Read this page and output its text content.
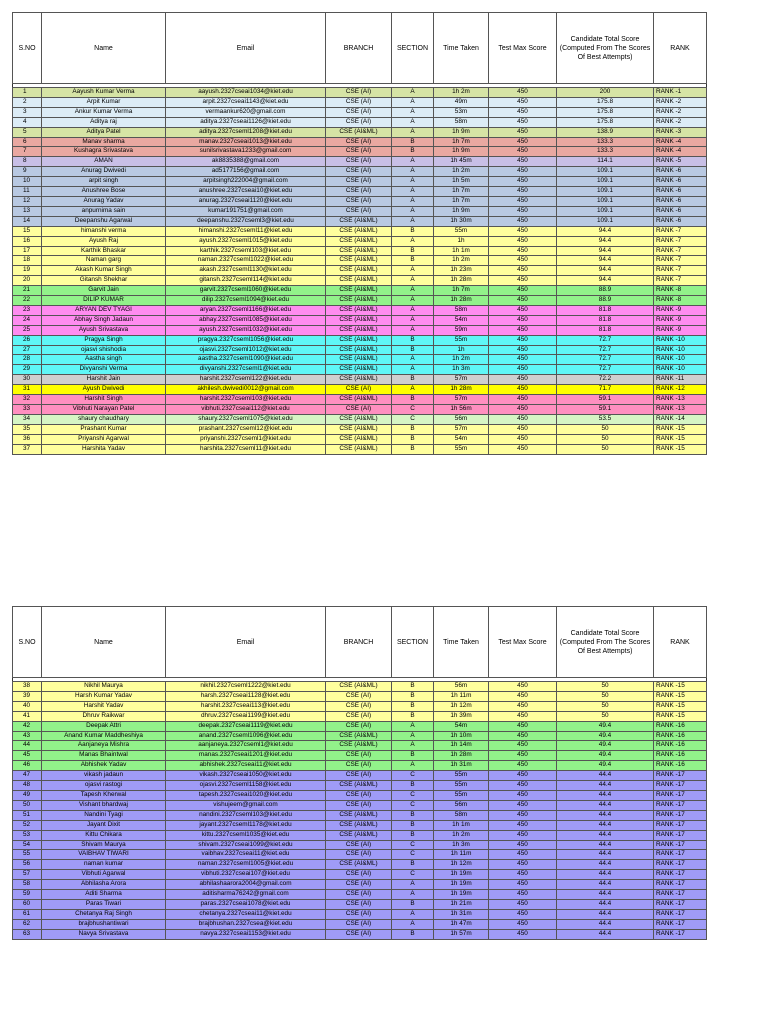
S.NO	Name	Email	BRANCH	SECTION	Time Taken	Test Max Score	Candidate Total Score (Computed From The Scores Of Best Attempts)	RANK

1	Aayush Kumar Verma	aayush.2327cseai1034@kiet.edu	CSE (AI)	A	1h 2m	450	200	RANK -1
2	Arpit Kumar	arpit.2327cseai1143@kiet.edu	CSE (AI)	A	49m	450	175.8	RANK -2
3	Ankur Kumar Verma	vermaankur620@gmail.com	CSE (AI)	A	53m	450	175.8	RANK -2
4	Aditya raj	aditya.2327cseai1126@kiet.edu	CSE (AI)	A	58m	450	175.8	RANK -2
5	Aditya Patel	aditya.2327cseml1208@kiet.edu	CSE (AI&ML)	A	1h 9m	450	138.9	RANK -3
6	Manav sharma	manav.2327cseai1013@kiet.edu	CSE (AI)	B	1h 7m	450	133.3	RANK -4
7	Kushagra Srivastava	sunilsrivastava1233@gmail.com	CSE (AI)	B	1h 9m	450	133.3	RANK -4
8	AMAN	ak8835388@gmail.com	CSE (AI)	A	1h 45m	450	114.1	RANK -5
9	Anurag Dwivedi	ad5177156@gmail.com	CSE (AI)	A	1h 2m	450	109.1	RANK -6
10	arpit singh	arpitsingh222004@gmail.com	CSE (AI)	A	1h 5m	450	109.1	RANK -6
11	Anushree Bose	anushree.2327cseai10@kiet.edu	CSE (AI)	A	1h 7m	450	109.1	RANK -6
12	Anurag Yadav	anurag.2327cseai1120@kiet.edu	CSE (AI)	A	1h 7m	450	109.1	RANK -6
13	anpurnima sain	kumar191751@gmail.com	CSE (AI)	A	1h 9m	450	109.1	RANK -6
14	Deepanshu Agarwal	deepanshu.2327cseml3@kiet.edu	CSE (AI&ML)	A	1h 30m	450	109.1	RANK -6
15	himanshi verma	himanshi.2327cseml11@kiet.edu	CSE (AI&ML)	B	55m	450	94.4	RANK -7
16	Ayush Raj	ayush.2327cseml1015@kiet.edu	CSE (AI&ML)	A	1h	450	94.4	RANK -7
17	Karthik Bhaskar	karthik.2327cseml103@kiet.edu	CSE (AI&ML)	B	1h 1m	450	94.4	RANK -7
18	Naman garg	naman.2327cseml1022@kiet.edu	CSE (AI&ML)	B	1h 2m	450	94.4	RANK -7
19	Akash Kumar Singh	akash.2327cseml1130@kiet.edu	CSE (AI&ML)	A	1h 23m	450	94.4	RANK -7
20	Gitansh Shekhar	gitansh.2327cseml114@kiet.edu	CSE (AI&ML)	A	1h 28m	450	94.4	RANK -7
21	Garvit Jain	garvit.2327cseml1060@kiet.edu	CSE (AI&ML)	A	1h 7m	450	88.9	RANK -8
22	DILIP KUMAR	dilip.2327cseml1094@kiet.edu	CSE (AI&ML)	A	1h 28m	450	88.9	RANK -8
23	ARYAN DEV TYAGI	aryan.2327cseml1166@kiet.edu	CSE (AI&ML)	A	58m	450	81.8	RANK -9
24	Abhay Singh Jadaun	abhay.2327cseml1085@kiet.edu	CSE (AI&ML)	A	54m	450	81.8	RANK -9
25	Ayush Srivastava	ayush.2327cseml1032@kiet.edu	CSE (AI&ML)	A	59m	450	81.8	RANK -9
26	Pragya Singh	pragya.2327cseml1056@kiet.edu	CSE (AI&ML)	B	55m	450	72.7	RANK -10
27	ojasvi shishodia	ojasvi.2327cseml1012@kiet.edu	CSE (AI&ML)	B	1h	450	72.7	RANK -10
28	Aastha singh	aastha.2327cseml1090@kiet.edu	CSE (AI&ML)	A	1h 2m	450	72.7	RANK -10
29	Divyanshi Verma	divyanshi.2327cseml1@kiet.edu	CSE (AI&ML)	A	1h 3m	450	72.7	RANK -10
30	Harshit Jain	harshit.2327cseml122@kiet.edu	CSE (AI&ML)	B	57m	450	72.2	RANK -11
31	Ayush Dwivedi	akhilesh.dwivedi0012@gmail.com	CSE (AI)	A	1h 28m	450	71.7	RANK -12
32	Harshit Singh	harshit.2327cseml103@kiet.edu	CSE (AI&ML)	B	57m	450	59.1	RANK -13
33	Vibhuti Narayan Patel	vibhuti.2327cseai112@kiet.edu	CSE (AI)	C	1h 56m	450	59.1	RANK -13
34	shaury chaudhary	shaury.2327cseml1075@kiet.edu	CSE (AI&ML)	C	56m	450	53.5	RANK -14
35	Prashant Kumar	prashant.2327cseml12@kiet.edu	CSE (AI&ML)	B	57m	450	50	RANK -15
36	Priyanshi Agarwal	priyanshi.2327cseml1@kiet.edu	CSE (AI&ML)	B	54m	450	50	RANK -15
37	Harshita Yadav	harshita.2327cseml11@kiet.edu	CSE (AI&ML)	B	55m	450	50	RANK -15
S.NO	Name	Email	BRANCH	SECTION	Time Taken	Test Max Score	Candidate Total Score (Computed From The Scores Of Best Attempts)	RANK

38	Nikhil Maurya	nikhil.2327cseml1222@kiet.edu	CSE (AI&ML)	B	56m	450	50	RANK -15
39	Harsh Kumar Yadav	harsh.2327cseai1128@kiet.edu	CSE (AI)	B	1h 11m	450	50	RANK -15
40	Harshit Yadav	harshit.2327cseai113@kiet.edu	CSE (AI)	B	1h 12m	450	50	RANK -15
41	Dhruv Raikwar	dhruv.2327cseai1199@kiet.edu	CSE (AI)	B	1h 39m	450	50	RANK -15
42	Deepak Attri	deepak.2327cseai1119@kiet.edu	CSE (AI)	A	54m	450	49.4	RANK -16
43	Anand Kumar Maddheshiya	anand.2327cseml1096@kiet.edu	CSE (AI&ML)	A	1h 10m	450	49.4	RANK -16
44	Aanjaneya Mishra	aanjaneya.2327cseml1@kiet.edu	CSE (AI&ML)	A	1h 14m	450	49.4	RANK -16
45	Manas Bhaintwal	manas.2327cseai1201@kiet.edu	CSE (AI)	B	1h 28m	450	49.4	RANK -16
46	Abhishek Yadav	abhishek.2327cseai11@kiet.edu	CSE (AI)	A	1h 31m	450	49.4	RANK -16
47	vikash jadaun	vikash.2327cseai1050@kiet.edu	CSE (AI)	C	55m	450	44.4	RANK -17
48	ojasvi rastogi	ojasvi.2327cseml1158@kiet.edu	CSE (AI&ML)	B	55m	450	44.4	RANK -17
49	Tapesh Kherwal	tapesh.2327cseai1020@kiet.edu	CSE (AI)	C	55m	450	44.4	RANK -17
50	Vishant bhardwaj	vishujeem@gmail.com	CSE (AI)	C	56m	450	44.4	RANK -17
51	Nandini Tyagi	nandini.2327cseml103@kiet.edu	CSE (AI&ML)	B	58m	450	44.4	RANK -17
52	Jayant Dixit	jayant.2327cseml1178@kiet.edu	CSE (AI&ML)	B	1h 1m	450	44.4	RANK -17
53	Kittu Chikara	kittu.2327cseml1035@kiet.edu	CSE (AI&ML)	B	1h 2m	450	44.4	RANK -17
54	Shivam Maurya	shivam.2327cseai1099@kiet.edu	CSE (AI)	C	1h 3m	450	44.4	RANK -17
55	VAIBHAV TIWARI	vaibhav.2327cseai11@kiet.edu	CSE (AI)	C	1h 11m	450	44.4	RANK -17
56	naman kumar	naman.2327cseml1005@kiet.edu	CSE (AI&ML)	B	1h 12m	450	44.4	RANK -17
57	Vibhuti Agarwal	vibhuti.2327cseai107@kiet.edu	CSE (AI)	C	1h 19m	450	44.4	RANK -17
58	Abhilasha Arora	abhilashaarora2004@gmail.com	CSE (AI)	A	1h 19m	450	44.4	RANK -17
59	Aditi Sharma	aditisharma76242@gmail.com	CSE (AI)	A	1h 19m	450	44.4	RANK -17
60	Paras Tiwari	paras.2327cseai1078@kiet.edu	CSE (AI)	B	1h 21m	450	44.4	RANK -17
61	Chetanya Raj Singh	chetanya.2327cseai11@kiet.edu	CSE (AI)	A	1h 31m	450	44.4	RANK -17
62	brajbhushantiwari	brajbhushan.2327csea@kiet.edu	CSE (AI)	A	1h 47m	450	44.4	RANK -17
63	Navya Srivastava	navya.2327cseai1153@kiet.edu	CSE (AI)	B	1h 57m	450	44.4	RANK -17
